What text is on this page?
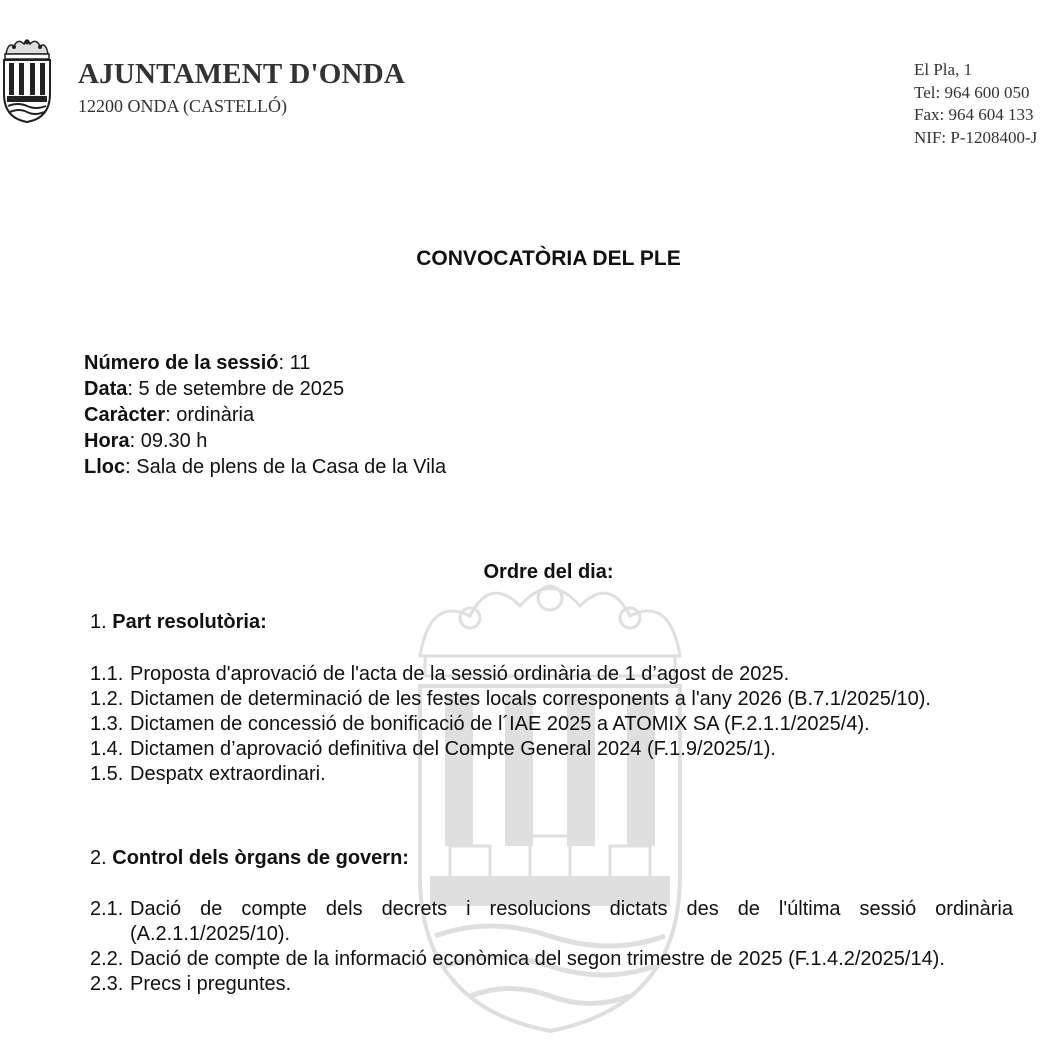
AJUNTAMENT D'ONDA
12200 ONDA (CASTELLÓ)
El Pla, 1
Tel: 964 600 050
Fax: 964 604 133
NIF: P-1208400-J
CONVOCATÒRIA DEL PLE
Número de la sessió: 11
Data: 5 de setembre de 2025
Caràcter: ordinària
Hora: 09.30 h
Lloc: Sala de plens de la Casa de la Vila
Ordre del dia:
1. Part resolutòria:
1.1. Proposta d'aprovació de l'acta de la sessió ordinària de 1 d’agost de 2025.
1.2. Dictamen de determinació de les festes locals corresponents a l'any 2026 (B.7.1/2025/10).
1.3. Dictamen de concessió de bonificació de l´IAE 2025 a ATOMIX SA (F.2.1.1/2025/4).
1.4. Dictamen d’aprovació definitiva del Compte General 2024 (F.1.9/2025/1).
1.5. Despatx extraordinari.
2. Control dels òrgans de govern:
2.1. Dació de compte dels decrets i resolucions dictats des de l'última sessió ordinària (A.2.1.1/2025/10).
2.2. Dació de compte de la informació econòmica del segon trimestre de 2025 (F.1.4.2/2025/14).
2.3. Precs i preguntes.
